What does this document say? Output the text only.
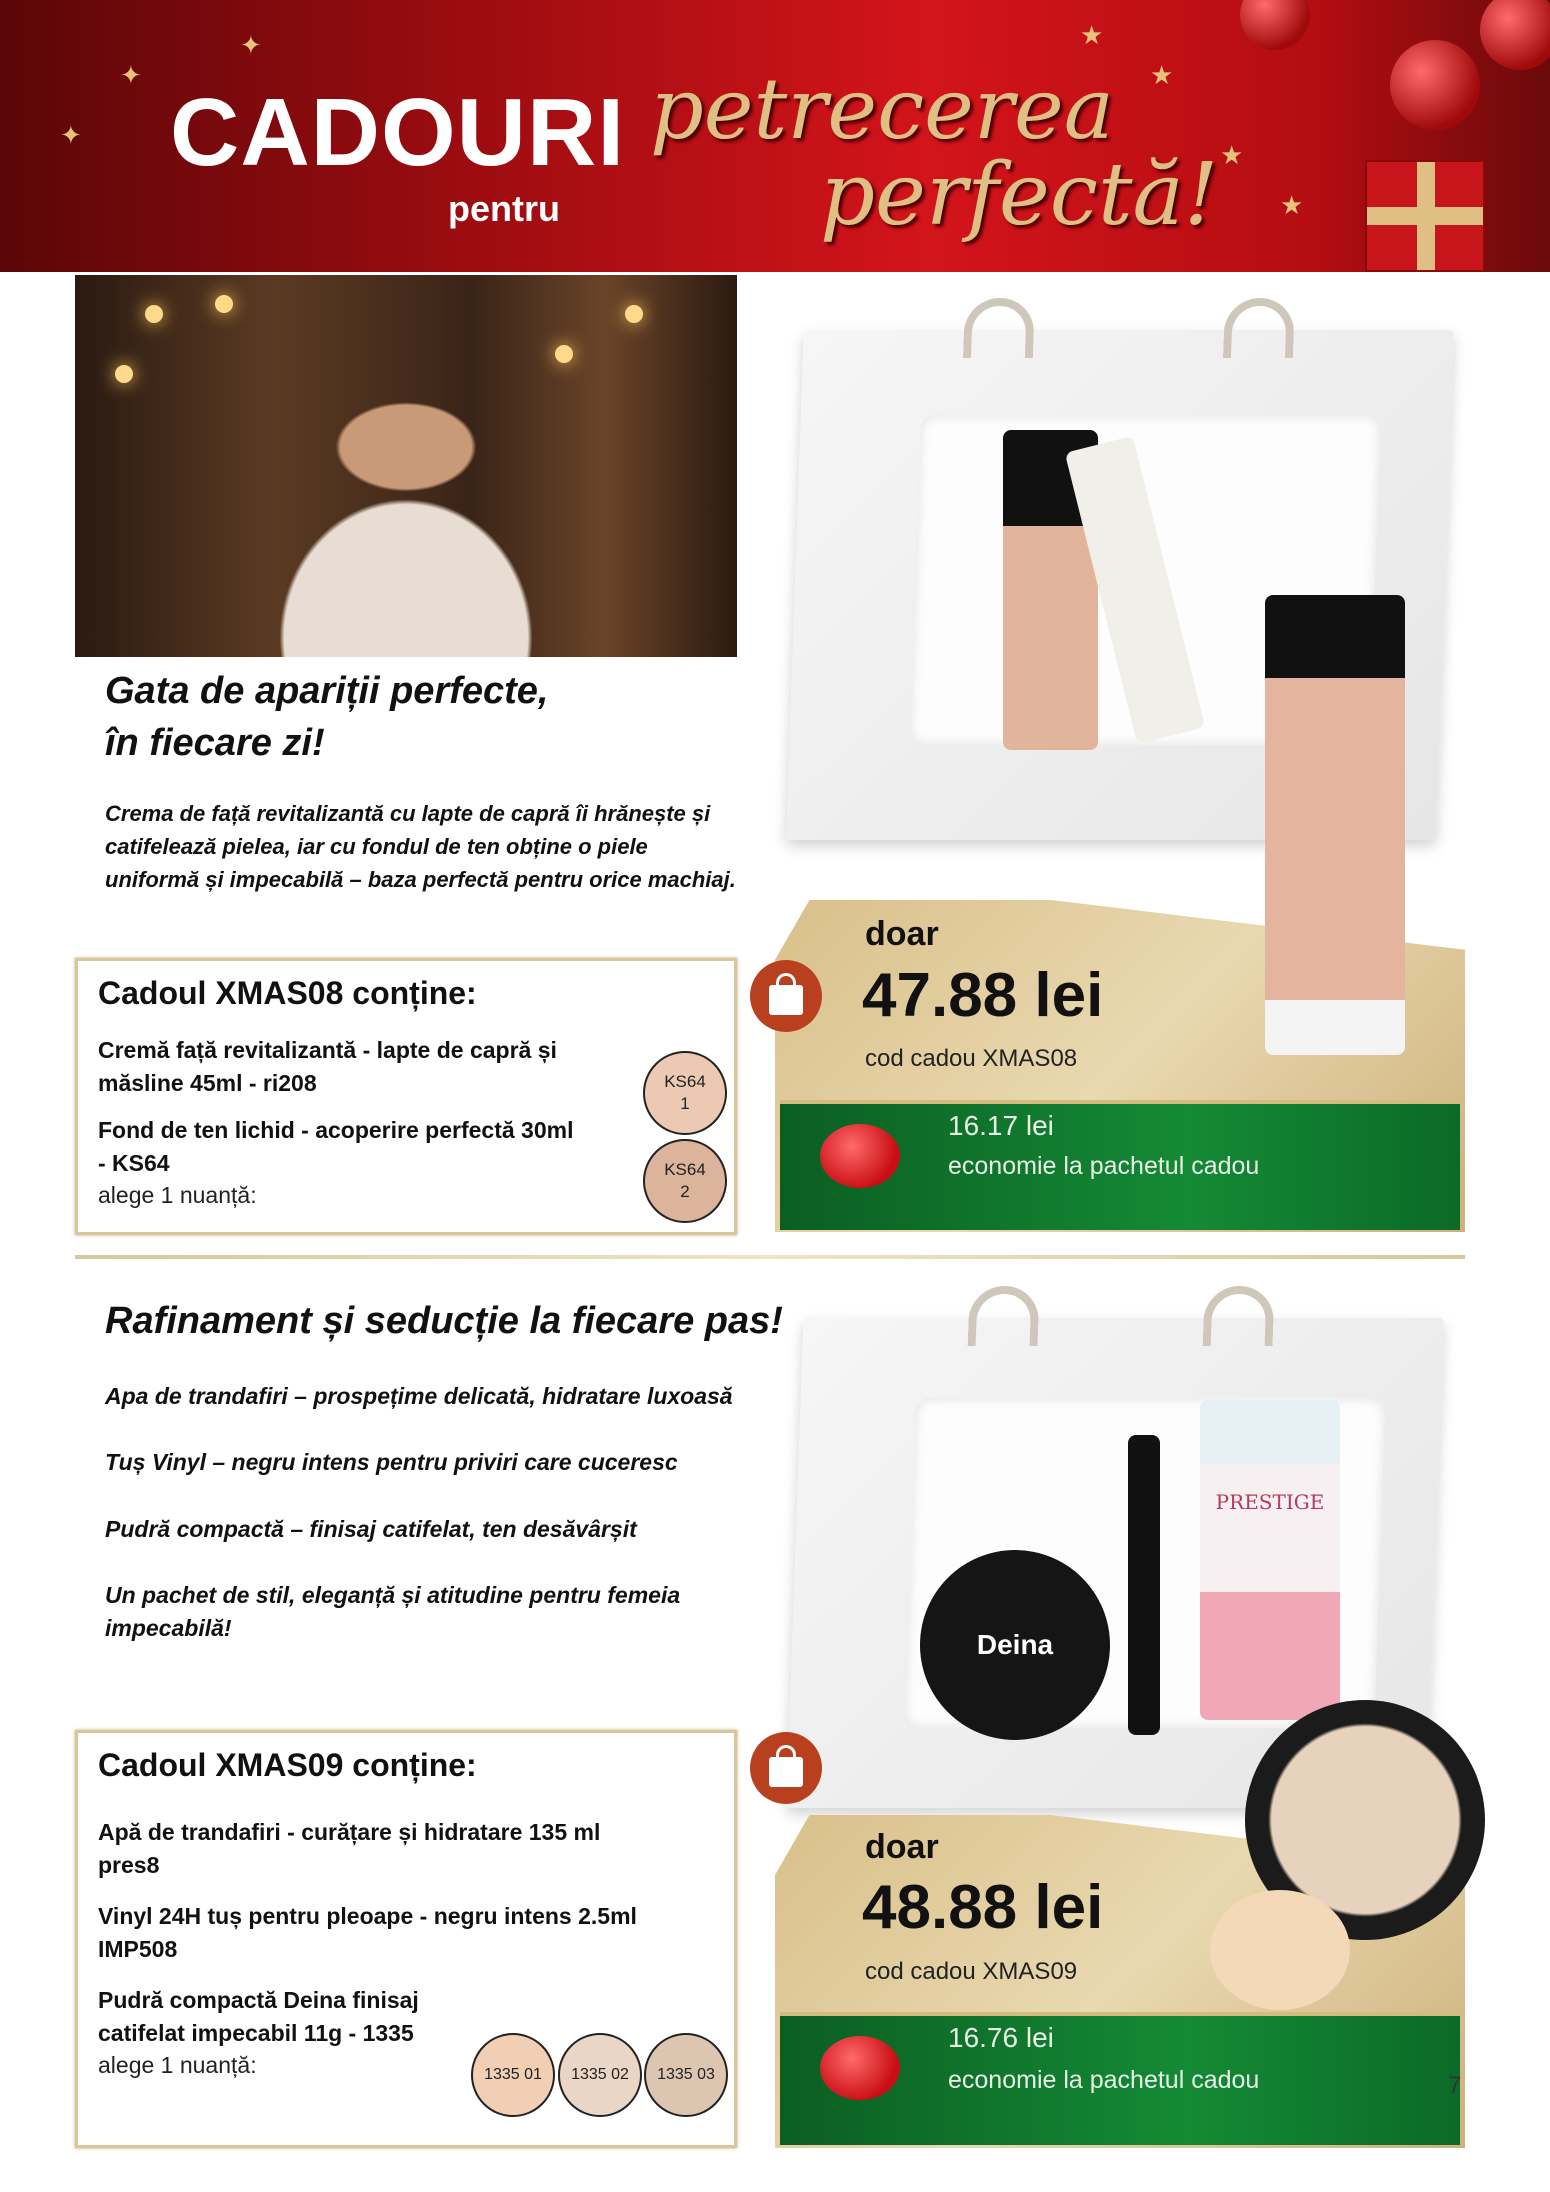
✦
✦
✦
★
★
★
★
CADOURI
pentru
petrecerea
perfectă!
Gata de apariții perfecte,
în fiecare zi!
Crema de față revitalizantă cu lapte de capră îi hrănește și catifelează pielea, iar cu fondul de ten obține o piele uniformă și impecabilă – baza perfectă pentru orice machiaj.
Cadoul XMAS08 conține:
Cremă față revitalizantă - lapte de capră și măsline 45ml - ri208
Fond de ten lichid - acoperire perfectă 30ml - KS64
alege 1 nuanță:
KS64
1
KS64
2
doar
47.88 lei
cod cadou XMAS08
16.17 lei
economie la pachetul cadou
Rafinament și seducție la fiecare pas!
Apa de trandafiri – prospețime delicată, hidratare luxoasă
Tuș Vinyl – negru intens pentru priviri care cuceresc
Pudră compactă – finisaj catifelat, ten desăvârșit
Un pachet de stil, eleganță și atitudine pentru femeia impecabilă!
Cadoul XMAS09 conține:
Apă de trandafiri - curățare și hidratare 135 ml pres8
Vinyl 24H tuș pentru pleoape - negru intens 2.5ml IMP508
Pudră compactă Deina finisaj catifelat impecabil 11g - 1335
alege 1 nuanță:	1335 01	1335 02	1335 03
Deina
PRESTIGE
doar
48.88 lei
cod cadou XMAS09
16.76 lei
economie la pachetul cadou	7
